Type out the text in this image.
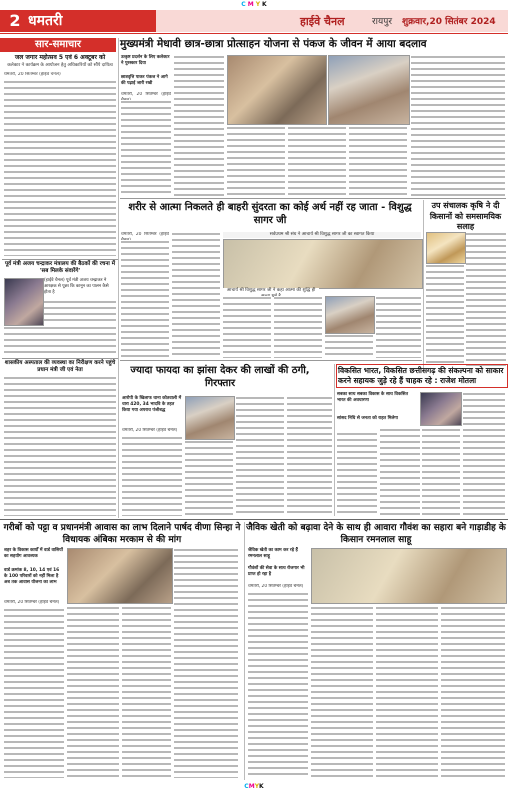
C M Y K
2 धमतरी	हाईवे चैनल	रायपुर शुक्रवार,20 सितंबर 2024
सार-समाचार
जल जगार महोत्सव 5 एवं 6 अक्टूबर को
कलेक्टर ने कार्यक्रम के आयोजन हेतु अधिकारियों को सौंपे दायित्व
धमतरी, 20 सितम्बर (हाईवे चैनल)
पूर्व मंत्री अजय चन्द्राकर मंत्रालय की बैठकों की रचना में 'सब मिलके संवारेंगे'
(हाईवे चैनल) पूर्व मंत्री अजय चन्द्राकर ने आरक्षक से पूछा कि कानून का पालन कैसे होता है
शासकीय अस्पताल की व्यवस्था का निरीक्षण करने पहुंचे प्रधान मंत्री जी एवं नेता
मुख्यमंत्री मेधावी छात्र-छात्रा प्रोत्साहन योजना से पंकज के जीवन में आया बदलाव
उत्कृष्ट प्रदर्शन के लिए कलेक्टर ने पुरस्कार दिया
छात्रवृत्ति पाकर पंकज ने आगे की पढ़ाई जारी रखी
धमतरी, 20 सितम्बर (हाईवे
शरीर से आत्मा निकलते ही बाहरी सुंदरता का कोई अर्थ नहीं रह जाता - विशुद्ध सागर जी
धमतरी, 20 सितम्बर (हाईवे	सर्वप्रथम श्री संघ ने आचार्य श्री विशुद्ध सागर जी का स्वागत किया
आचार्य श्री विशुद्ध सागर जी ने कहा आत्मा की शुद्धि ही
उप संचालक कृषि ने दी किसानों को समसामयिक सलाह
ज्यादा फायदा का झांसा देकर की लाखों की ठगी, गिरफ्तार
आरोपी के खिलाफ थाना कोतवाली में धारा 420, 34 भादवि के तहत किया गया अपराध पंजीबद्ध
धमतरी, 20 सितम्बर (हाईवे चैनल)
विकसित भारत, विकसित छत्तीसगढ़ की संकल्पना को साकार करने सहायक जुड़े रहे हैं चाहक रहे : राजेश मोतला
सबका साथ सबका विकास के साथ विकसित भारत की अवधारणा
सांसद निधि से जनता को राहत मिलेगा
गरीबों को पट्टा व प्रधानमंत्री आवास का लाभ दिलाने पार्षद वीणा सिन्हा ने विधायक अंबिका मरकाम से की मांग
शहर के विकास कार्यों में वार्ड वासियों का सहयोग आवश्यक
वार्ड क्रमांक 8, 10, 14 एवं 16 के 100 परिवारों को नहीं मिला है अब तक आवास योजना का लाभ
धमतरी, 20 सितम्बर (हाईवे चैनल)
जैविक खेती को बढ़ावा देने के साथ ही आवारा गौवंश का सहारा बने गाड़ाडीह के किसान रमनलाल साहू
जैविक खेती का काम कर रहे हैं रमनलाल साहू
गौवंशों की सेवा के साथ रोजगार भी प्राप्त हो रहा है
धमतरी, 20 सितम्बर (हाईवे चैनल)
CMYK
